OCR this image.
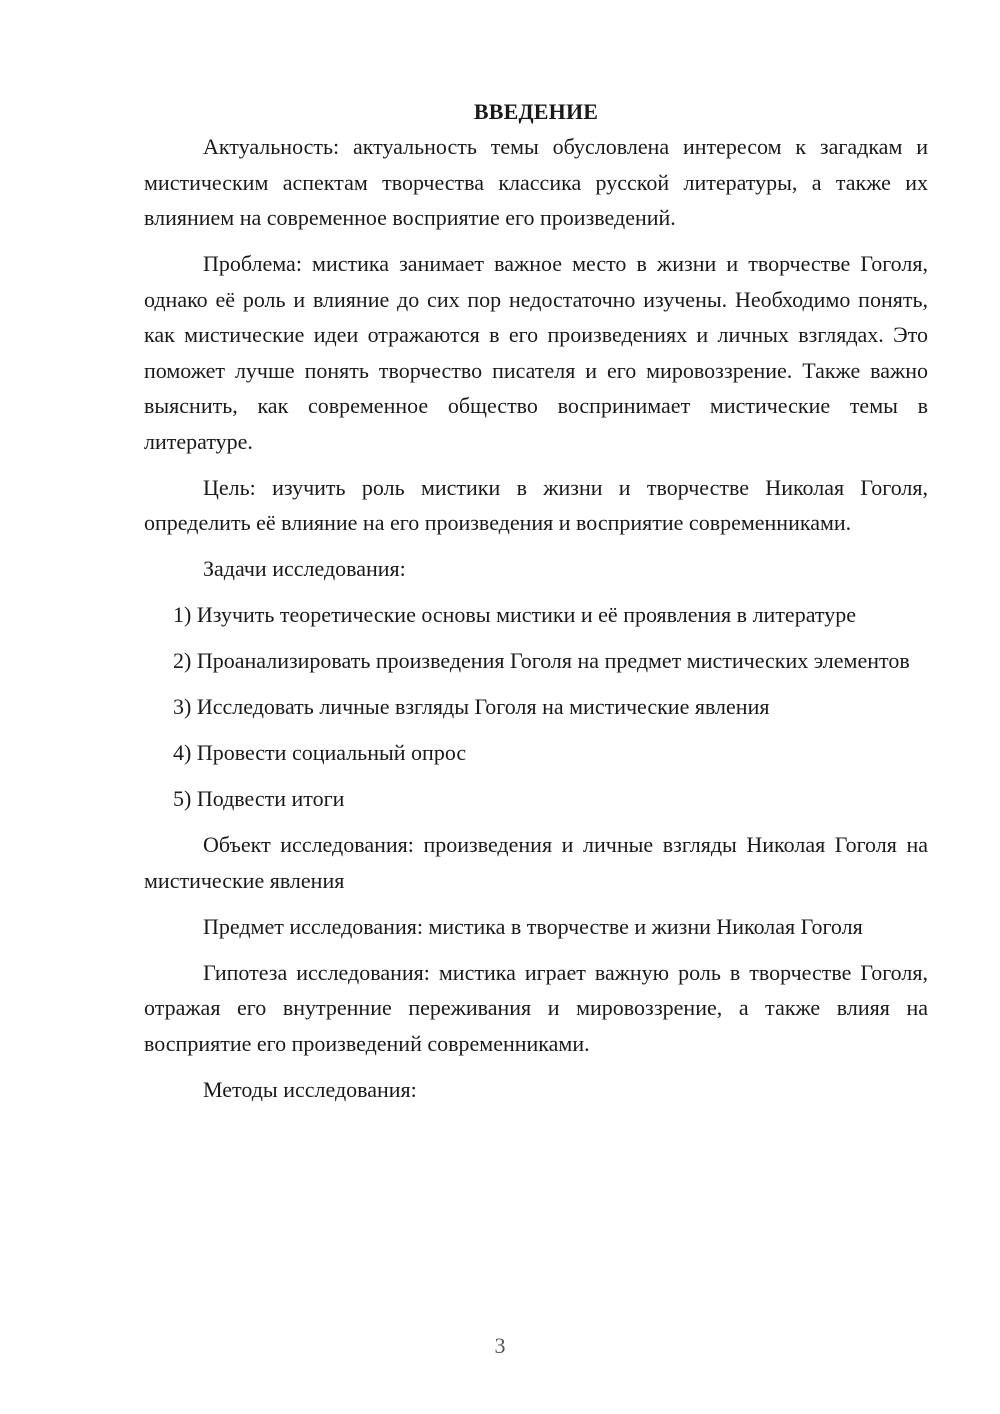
ВВЕДЕНИЕ

Актуальность: актуальность темы обусловлена интересом к загадкам и мистическим аспектам творчества классика русской литературы, а также их влиянием на современное восприятие его произведений.

Проблема: мистика занимает важное место в жизни и творчестве Гоголя, однако её роль и влияние до сих пор недостаточно изучены. Необходимо понять, как мистические идеи отражаются в его произведениях и личных взглядах. Это поможет лучше понять творчество писателя и его мировоззрение. Также важно выяснить, как современное общество воспринимает мистические темы в литературе.

Цель: изучить роль мистики в жизни и творчестве Николая Гоголя, определить её влияние на его произведения и восприятие современниками.

Задачи исследования:

1) Изучить теоретические основы мистики и её проявления в литературе

2) Проанализировать произведения Гоголя на предмет мистических элементов

3) Исследовать личные взгляды Гоголя на мистические явления

4) Провести социальный опрос

5) Подвести итоги

Объект исследования: произведения и личные взгляды Николая Гоголя на мистические явления

Предмет исследования: мистика в творчестве и жизни Николая Гоголя

Гипотеза исследования: мистика играет важную роль в творчестве Гоголя, отражая его внутренние переживания и мировоззрение, а также влияя на восприятие его произведений современниками.

Методы исследования:

3
